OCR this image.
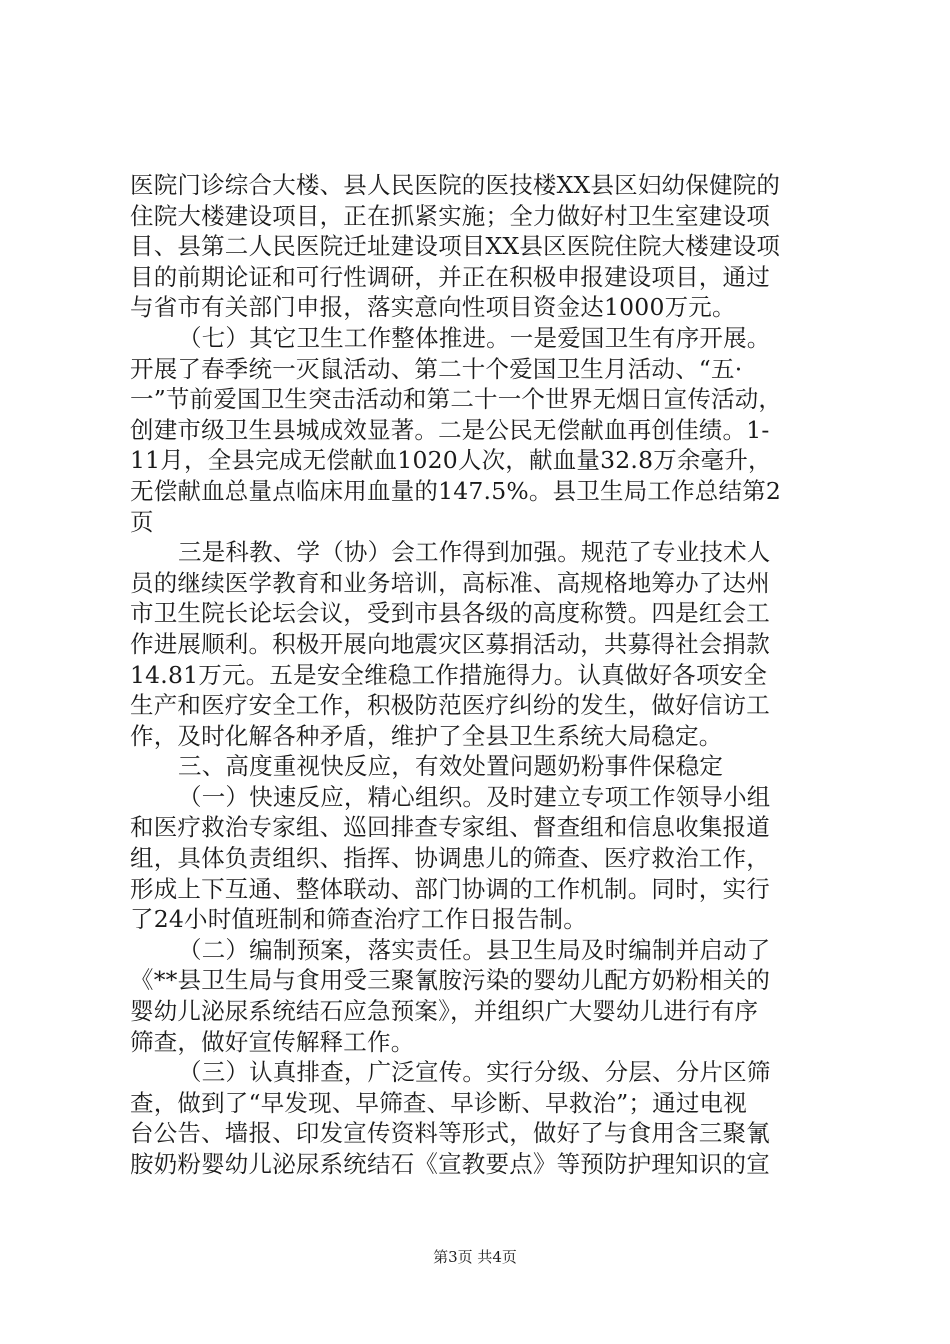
医院门诊综合大楼、县人民医院的医技楼XX县区妇幼保健院的
住院大楼建设项目，正在抓紧实施；全力做好村卫生室建设项
目、县第二人民医院迁址建设项目XX县区医院住院大楼建设项
目的前期论证和可行性调研，并正在积极申报建设项目，通过
与省市有关部门申报，落实意向性项目资金达1000万元。
（七）其它卫生工作整体推进。一是爱国卫生有序开展。
开展了春季统一灭鼠活动、第二十个爱国卫生月活动、“五·
一”节前爱国卫生突击活动和第二十一个世界无烟日宣传活动，
创建市级卫生县城成效显著。二是公民无偿献血再创佳绩。1-
11月，全县完成无偿献血1020人次，献血量32.8万余毫升，
无偿献血总量点临床用血量的147.5%。县卫生局工作总结第2
页
三是科教、学（协）会工作得到加强。规范了专业技术人
员的继续医学教育和业务培训，高标准、高规格地筹办了达州
市卫生院长论坛会议，受到市县各级的高度称赞。四是红会工
作进展顺利。积极开展向地震灾区募捐活动，共募得社会捐款
14.81万元。五是安全维稳工作措施得力。认真做好各项安全
生产和医疗安全工作，积极防范医疗纠纷的发生，做好信访工
作，及时化解各种矛盾，维护了全县卫生系统大局稳定。
三、高度重视快反应，有效处置问题奶粉事件保稳定
（一）快速反应，精心组织。及时建立专项工作领导小组
和医疗救治专家组、巡回排查专家组、督查组和信息收集报道
组，具体负责组织、指挥、协调患儿的筛查、医疗救治工作，
形成上下互通、整体联动、部门协调的工作机制。同时，实行
了24小时值班制和筛查治疗工作日报告制。
（二）编制预案，落实责任。县卫生局及时编制并启动了
《**县卫生局与食用受三聚氰胺污染的婴幼儿配方奶粉相关的
婴幼儿泌尿系统结石应急预案》，并组织广大婴幼儿进行有序
筛查，做好宣传解释工作。
（三）认真排查，广泛宣传。实行分级、分层、分片区筛
查，做到了“早发现、早筛查、早诊断、早救治”；通过电视
台公告、墙报、印发宣传资料等形式，做好了与食用含三聚氰
胺奶粉婴幼儿泌尿系统结石《宣教要点》等预防护理知识的宣
第3页 共4页
